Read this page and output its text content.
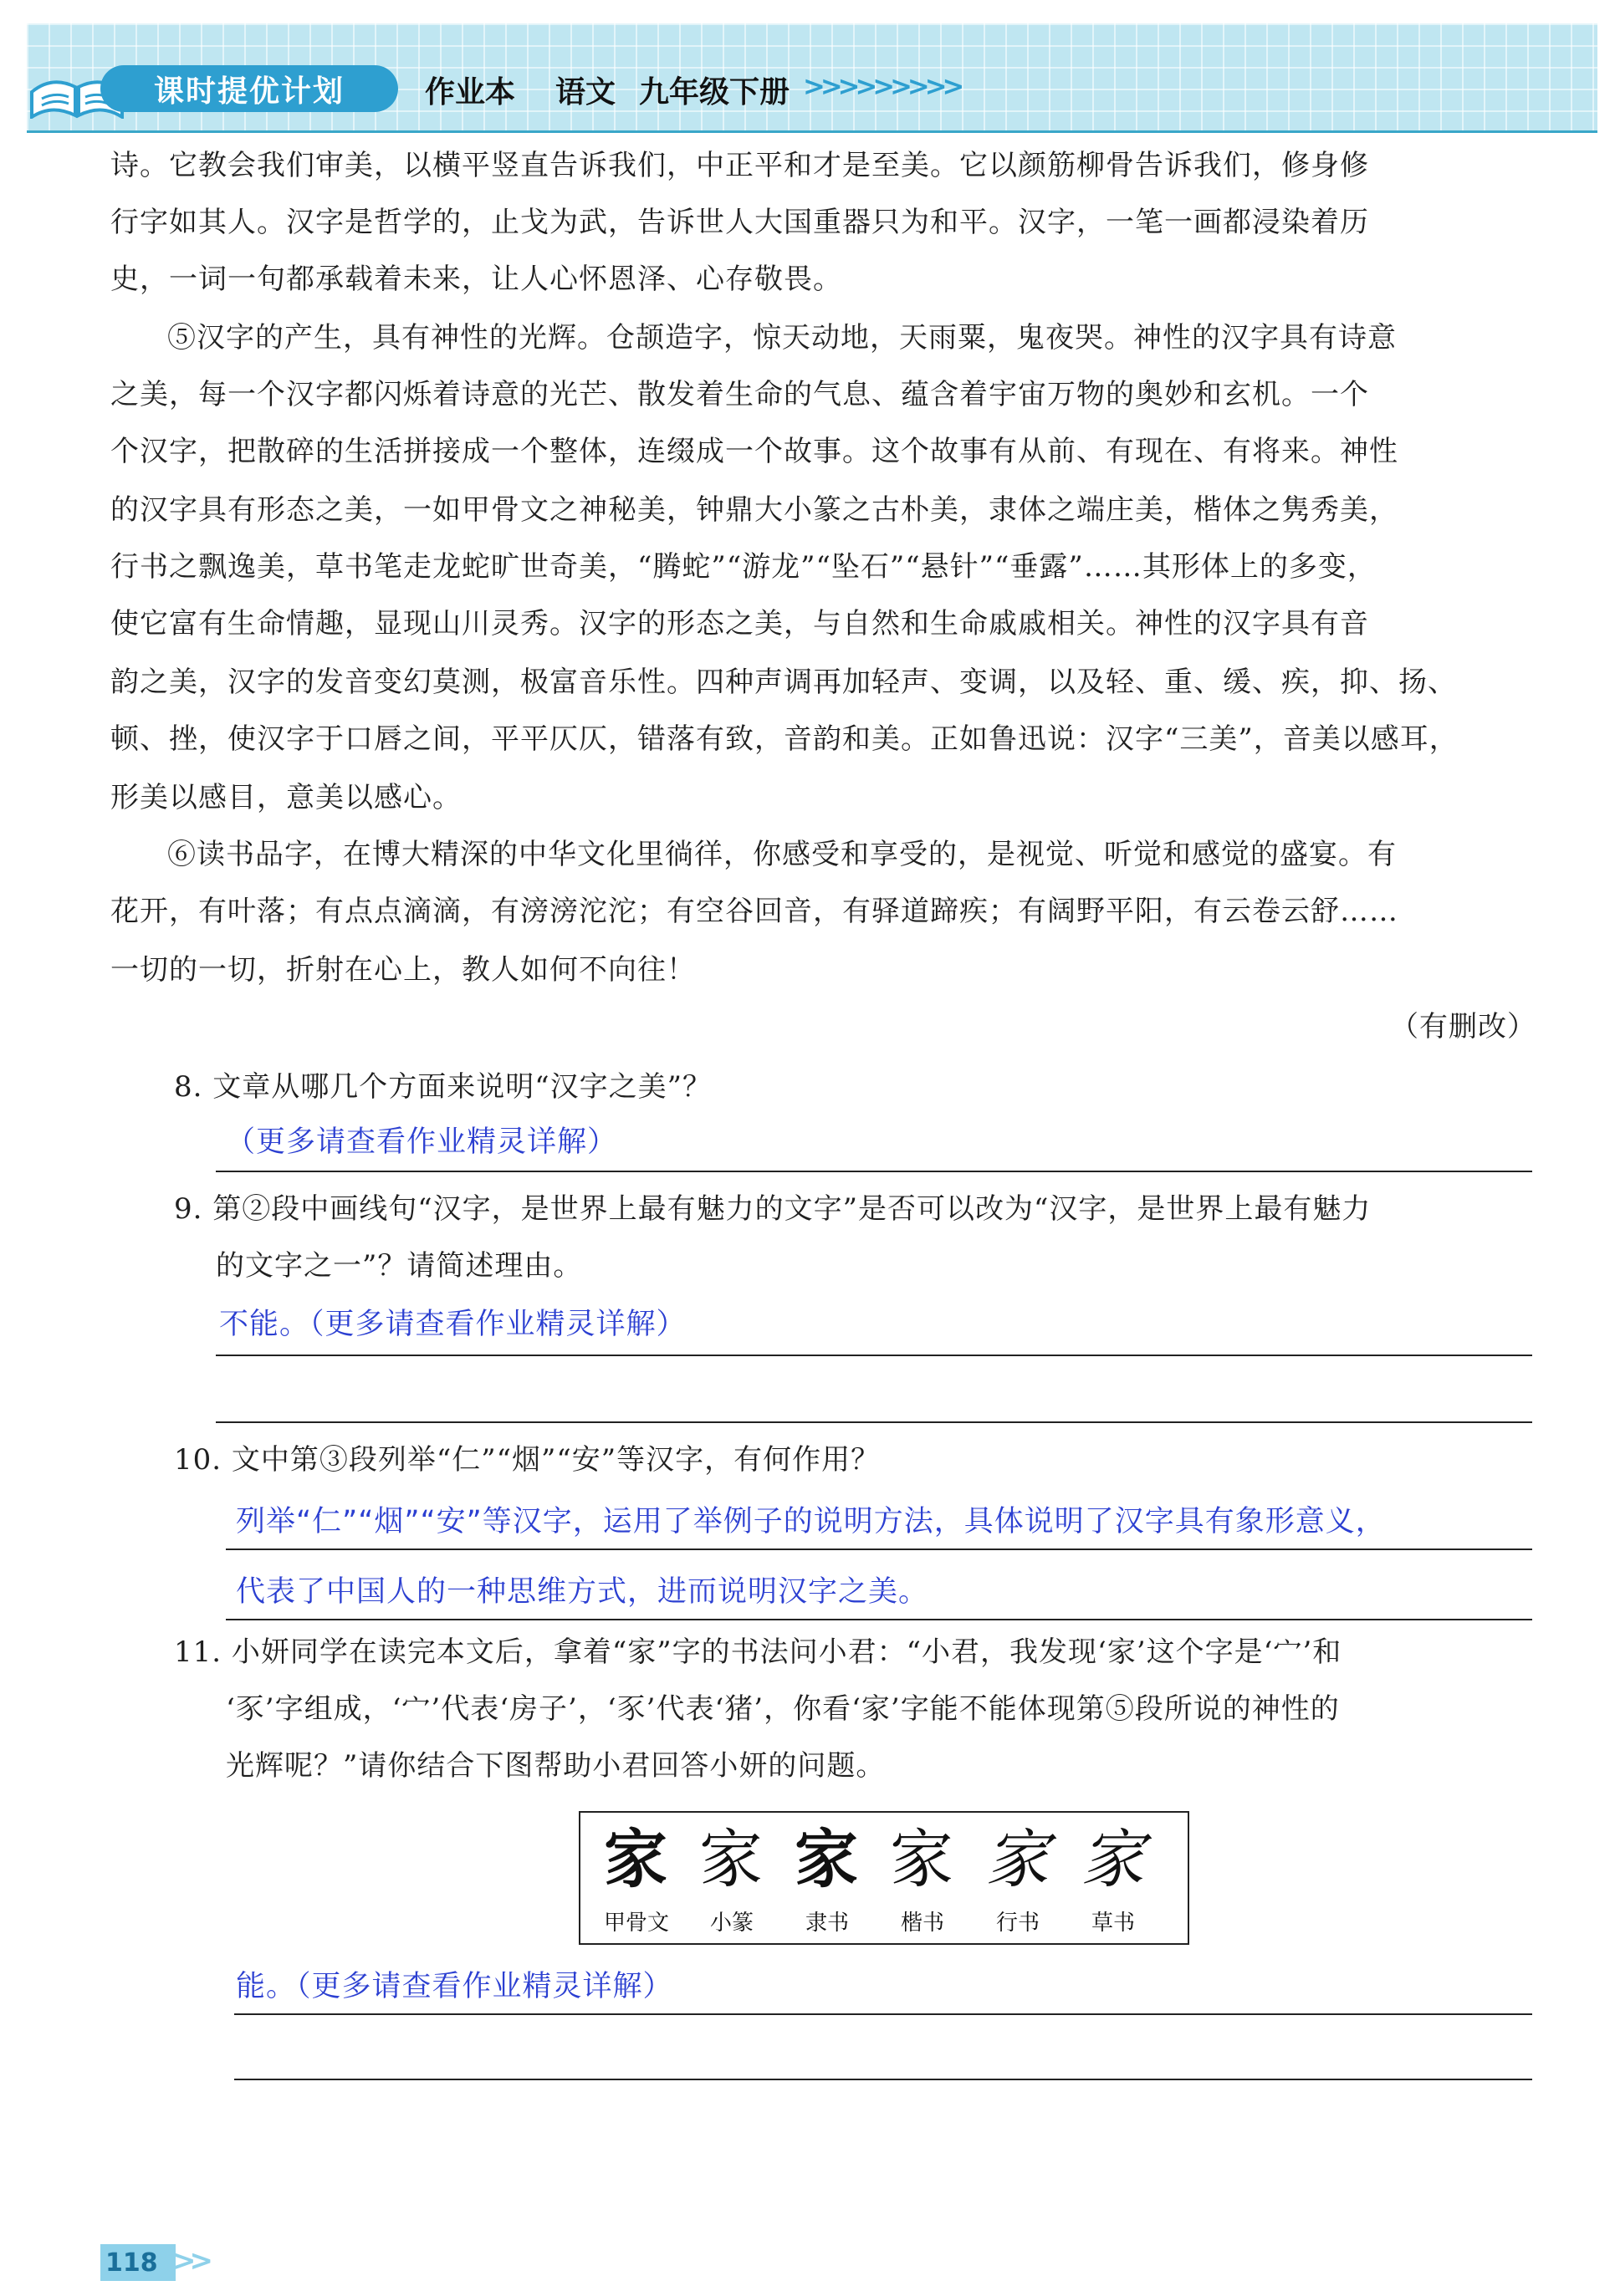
课时提优计划	作业本 语文 九年级下册 >>>>>>>>>
诗。它教会我们审美，以横平竖直告诉我们，中正平和才是至美。它以颜筋柳骨告诉我们，修身修
行字如其人。汉字是哲学的，止戈为武，告诉世人大国重器只为和平。汉字，一笔一画都浸染着历
史，一词一句都承载着未来，让人心怀恩泽、心存敬畏。
⑤汉字的产生，具有神性的光辉。仓颉造字，惊天动地，天雨粟，鬼夜哭。神性的汉字具有诗意
之美，每一个汉字都闪烁着诗意的光芒、散发着生命的气息、蕴含着宇宙万物的奥妙和玄机。一个
个汉字，把散碎的生活拼接成一个整体，连缀成一个故事。这个故事有从前、有现在、有将来。神性
的汉字具有形态之美，一如甲骨文之神秘美，钟鼎大小篆之古朴美，隶体之端庄美，楷体之隽秀美，
行书之飘逸美，草书笔走龙蛇旷世奇美，“腾蛇”“游龙”“坠石”“悬针”“垂露”……其形体上的多变，
使它富有生命情趣，显现山川灵秀。汉字的形态之美，与自然和生命戚戚相关。神性的汉字具有音
韵之美，汉字的发音变幻莫测，极富音乐性。四种声调再加轻声、变调，以及轻、重、缓、疾，抑、扬、
顿、挫，使汉字于口唇之间，平平仄仄，错落有致，音韵和美。正如鲁迅说：汉字“三美”，音美以感耳，
形美以感目，意美以感心。
⑥读书品字，在博大精深的中华文化里徜徉，你感受和享受的，是视觉、听觉和感觉的盛宴。有
花开，有叶落；有点点滴滴，有滂滂沱沱；有空谷回音，有驿道蹄疾；有阔野平阳，有云卷云舒……
一切的一切，折射在心上，教人如何不向往！
（有删改）
8. 文章从哪几个方面来说明“汉字之美”？
（更多请查看作业精灵详解）
9. 第②段中画线句“汉字，是世界上最有魅力的文字”是否可以改为“汉字，是世界上最有魅力
的文字之一”？请简述理由。
不能。（更多请查看作业精灵详解）
10. 文中第③段列举“仁”“烟”“安”等汉字，有何作用？
列举“仁”“烟”“安”等汉字，运用了举例子的说明方法，具体说明了汉字具有象形意义，
代表了中国人的一种思维方式，进而说明汉字之美。
11. 小妍同学在读完本文后，拿着“家”字的书法问小君：“小君，我发现‘家’这个字是‘宀’和
‘豕’字组成，‘宀’代表‘房子’，‘豕’代表‘猪’，你看‘家’字能不能体现第⑤段所说的神性的
光辉呢？”请你结合下图帮助小君回答小妍的问题。
家 家 家 家 家 家
甲骨文	小篆	隶书	楷书	行书	草书
能。（更多请查看作业精灵详解）
118 >>
